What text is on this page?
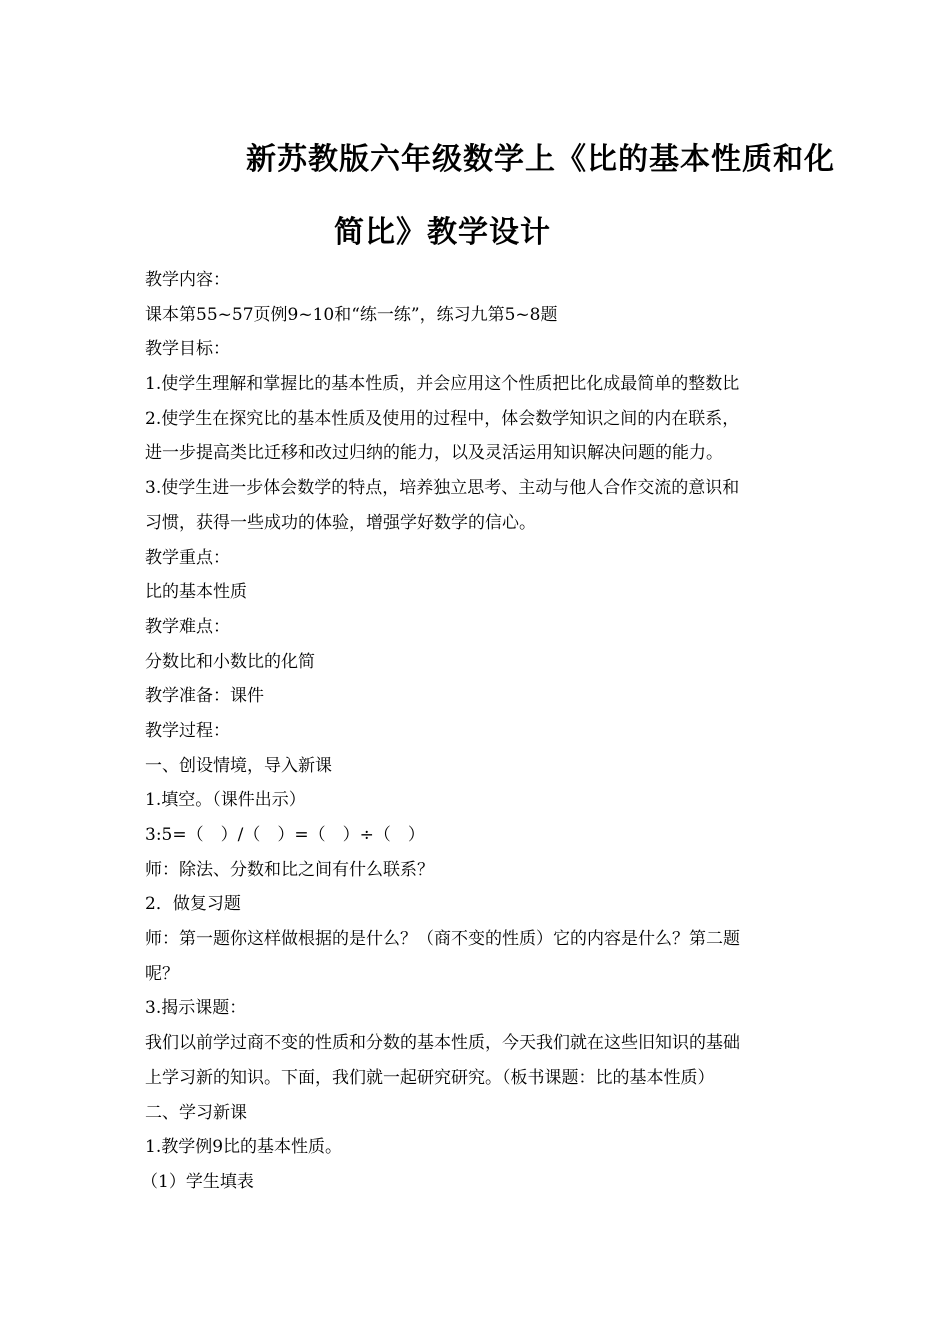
新苏教版六年级数学上《比的基本性质和化
简比》教学设计
教学内容：
课本第55~57页例9~10和“练一练”，练习九第5~8题
教学目标：
1.使学生理解和掌握比的基本性质，并会应用这个性质把比化成最简单的整数比
2.使学生在探究比的基本性质及使用的过程中，体会数学知识之间的内在联系，
进一步提高类比迁移和改过归纳的能力，以及灵活运用知识解决问题的能力。
3.使学生进一步体会数学的特点，培养独立思考、主动与他人合作交流的意识和
习惯，获得一些成功的体验，增强学好数学的信心。
教学重点：
比的基本性质
教学难点：
分数比和小数比的化简
教学准备：课件
教学过程：
一、创设情境，导入新课
1.填空。（课件出示）
3:5=（　）/（　）=（　）÷（　）
师：除法、分数和比之间有什么联系？
2．做复习题
师：第一题你这样做根据的是什么？（商不变的性质）它的内容是什么？第二题
呢？
3.揭示课题：
我们以前学过商不变的性质和分数的基本性质，今天我们就在这些旧知识的基础
上学习新的知识。下面，我们就一起研究研究。（板书课题：比的基本性质）
二、学习新课
1.教学例9比的基本性质。
（1）学生填表
